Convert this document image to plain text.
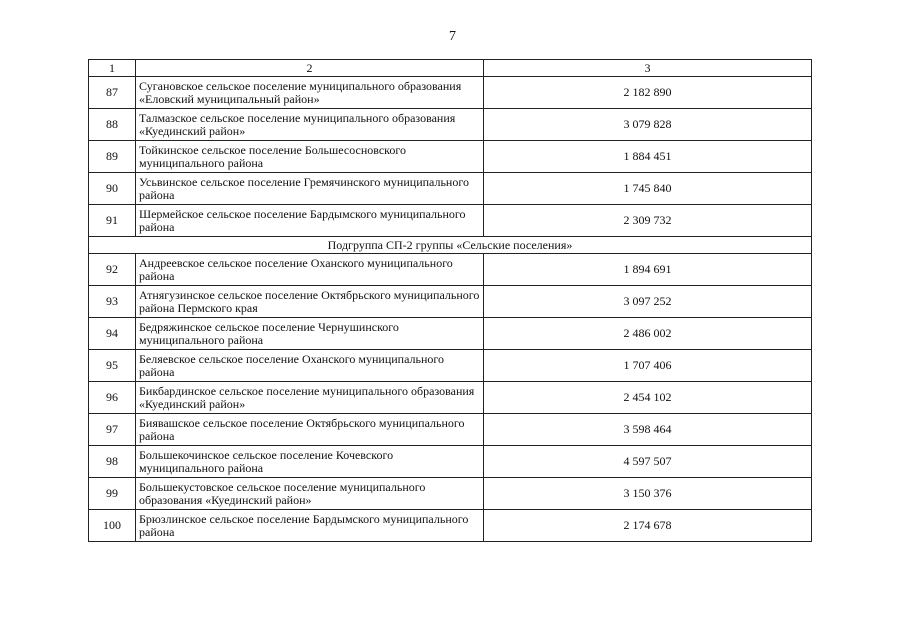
7
1	2	3
87	Сугановское сельское поселение муниципального образования «Еловский муниципальный район»	2 182 890
88	Талмазское сельское поселение муниципального образования «Куединский район»	3 079 828
89	Тойкинское сельское поселение Большесосновского муниципального района	1 884 451
90	Усьвинское сельское поселение Гремячинского муниципального района	1 745 840
91	Шермейское сельское поселение Бардымского муниципального района	2 309 732
Подгруппа СП-2 группы «Сельские поселения»		
92	Андреевское сельское поселение Оханского муниципального района	1 894 691
93	Атнягузинское сельское поселение Октябрьского муниципального района Пермского края	3 097 252
94	Бедряжинское сельское поселение Чернушинского муниципального района	2 486 002
95	Беляевское сельское поселение Оханского муниципального района	1 707 406
96	Бикбардинское сельское поселение муниципального образования «Куединский район»	2 454 102
97	Биявашское сельское поселение Октябрьского муниципального района	3 598 464
98	Большекочинское сельское поселение Кочевского муниципального района	4 597 507
99	Большекустовское сельское поселение муниципального образования «Куединский район»	3 150 376
100	Брюзлинское сельское поселение Бардымского муниципального района	2 174 678
